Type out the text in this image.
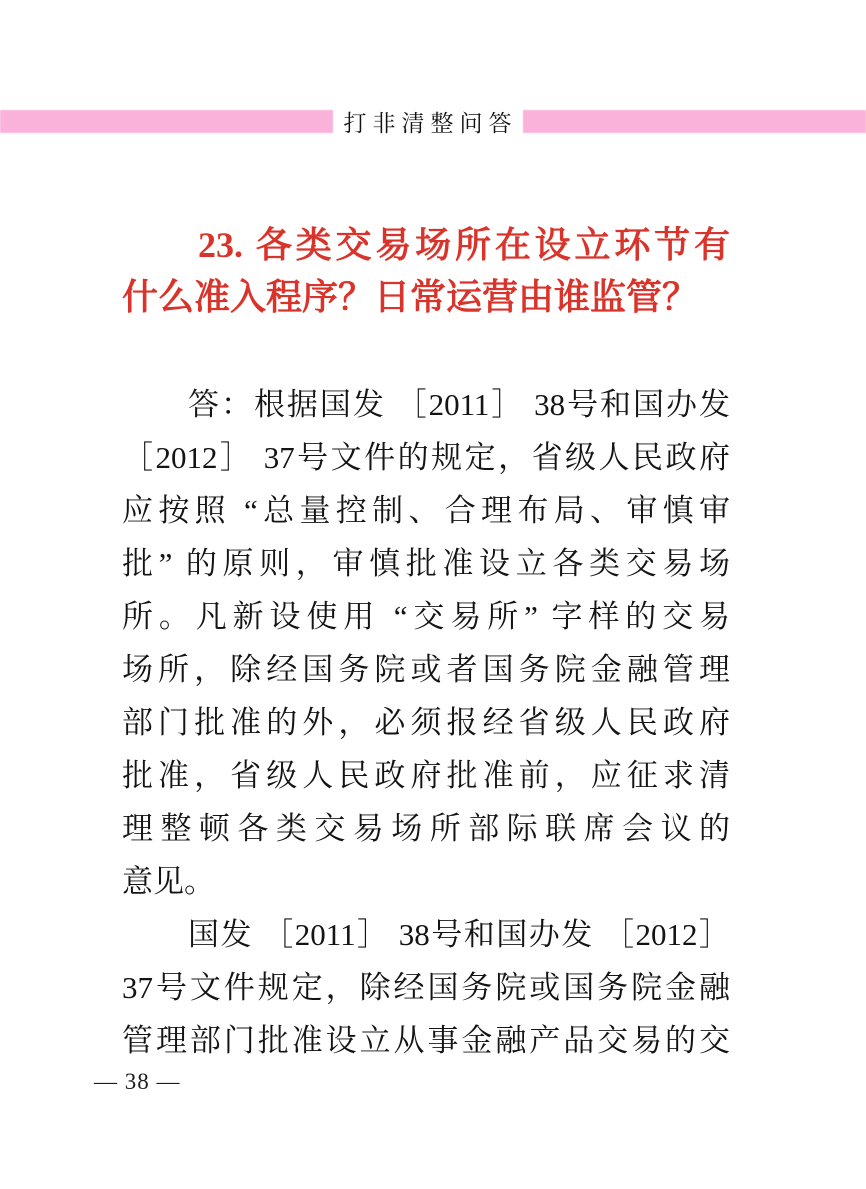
打非清整问答
23. 各类交易场所在设立环节有
什么准入程序？日常运营由谁监管？
答：根据国发 ［2011］ 38号和国办发
［2012］ 37号文件的规定，省级人民政府
应按照 “总量控制、合理布局、审慎审
批” 的原则，审慎批准设立各类交易场
所。凡新设使用 “交易所” 字样的交易
场所，除经国务院或者国务院金融管理
部门批准的外，必须报经省级人民政府
批准，省级人民政府批准前，应征求清
理整顿各类交易场所部际联席会议的
意见。
国发 ［2011］ 38号和国办发 ［2012］
37号文件规定，除经国务院或国务院金融
管理部门批准设立从事金融产品交易的交
— 38 —
